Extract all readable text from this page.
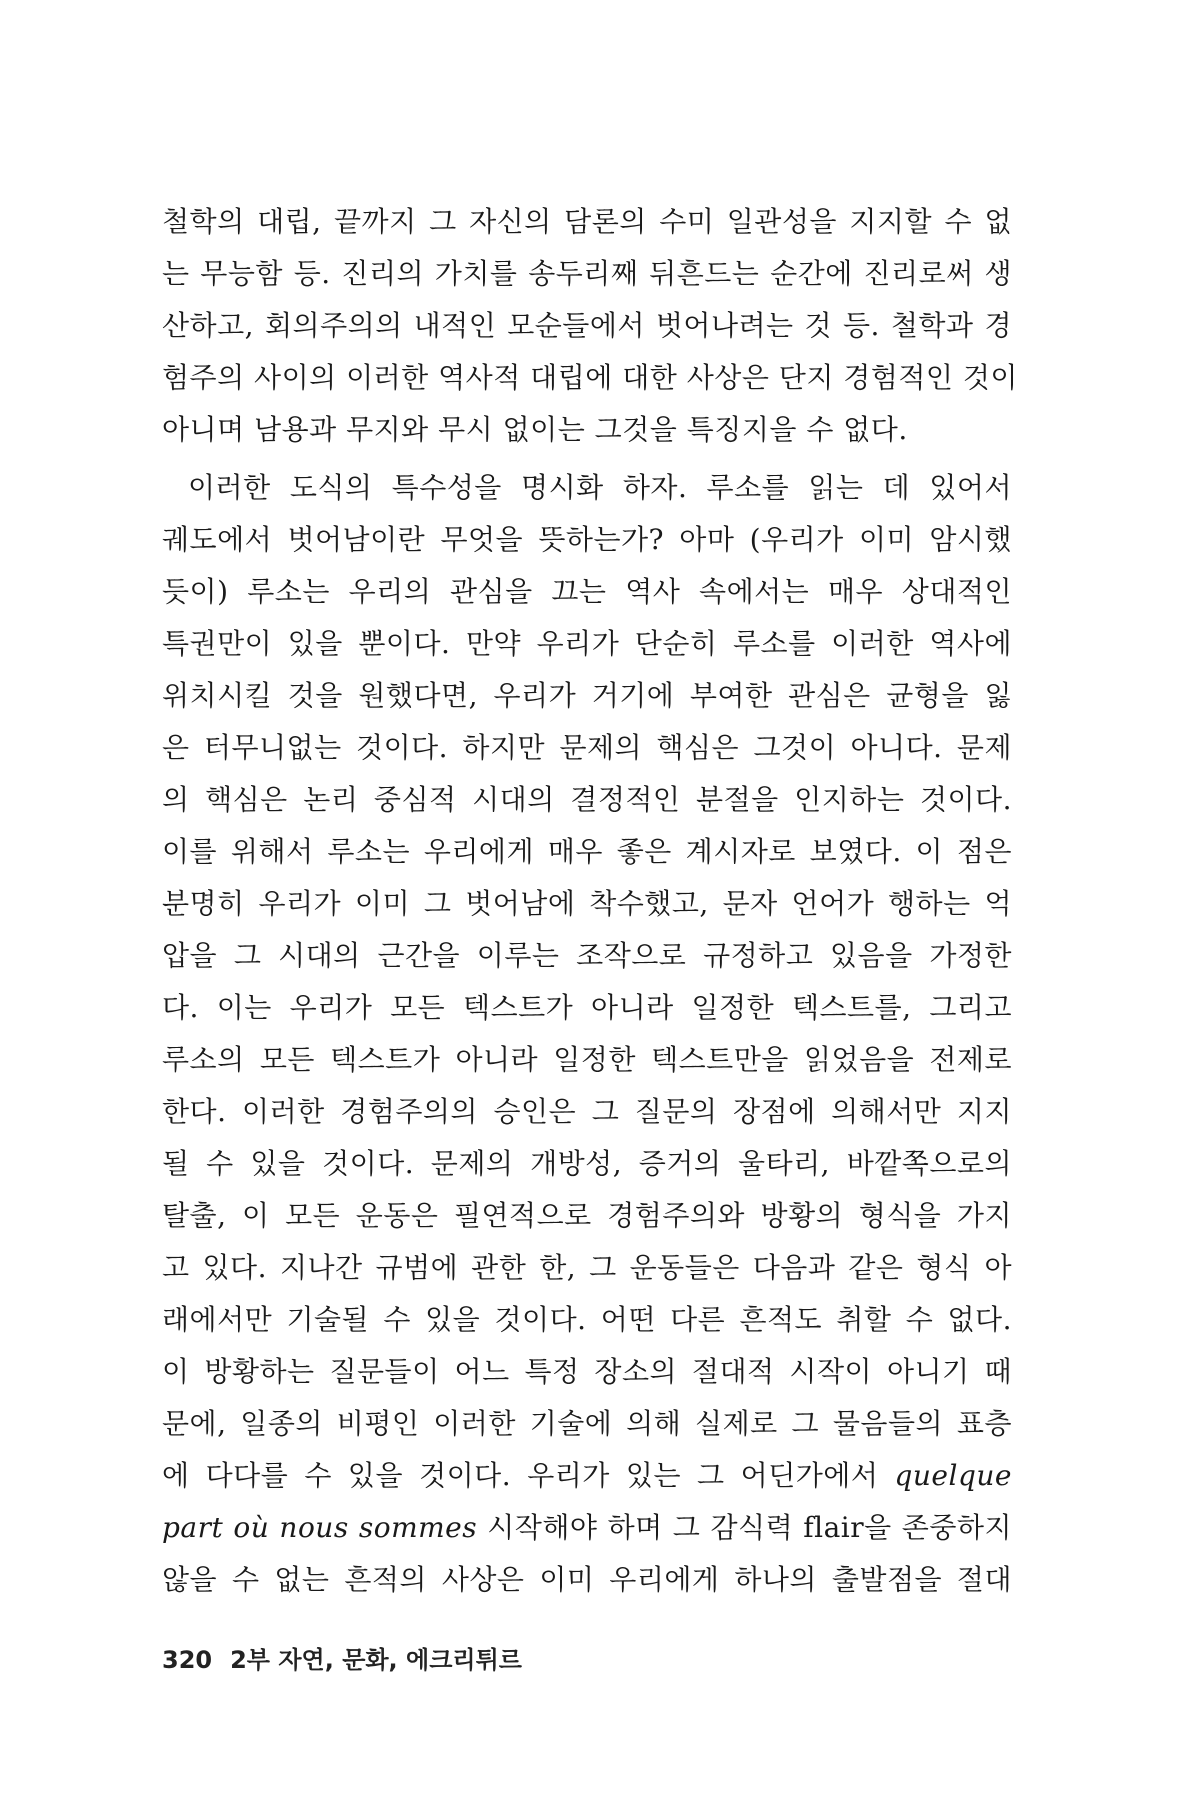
철학의 대립, 끝까지 그 자신의 담론의 수미 일관성을 지지할 수 없
는 무능함 등. 진리의 가치를 송두리째 뒤흔드는 순간에 진리로써 생
산하고, 회의주의의 내적인 모순들에서 벗어나려는 것 등. 철학과 경
험주의 사이의 이러한 역사적 대립에 대한 사상은 단지 경험적인 것이
아니며 남용과 무지와 무시 없이는 그것을 특징지을 수 없다.
이러한 도식의 특수성을 명시화 하자. 루소를 읽는 데 있어서
궤도에서 벗어남이란 무엇을 뜻하는가? 아마 (우리가 이미 암시했
듯이) 루소는 우리의 관심을 끄는 역사 속에서는 매우 상대적인
특권만이 있을 뿐이다. 만약 우리가 단순히 루소를 이러한 역사에
위치시킬 것을 원했다면, 우리가 거기에 부여한 관심은 균형을 잃
은 터무니없는 것이다. 하지만 문제의 핵심은 그것이 아니다. 문제
의 핵심은 논리 중심적 시대의 결정적인 분절을 인지하는 것이다.
이를 위해서 루소는 우리에게 매우 좋은 계시자로 보였다. 이 점은
분명히 우리가 이미 그 벗어남에 착수했고, 문자 언어가 행하는 억
압을 그 시대의 근간을 이루는 조작으로 규정하고 있음을 가정한
다. 이는 우리가 모든 텍스트가 아니라 일정한 텍스트를, 그리고
루소의 모든 텍스트가 아니라 일정한 텍스트만을 읽었음을 전제로
한다. 이러한 경험주의의 승인은 그 질문의 장점에 의해서만 지지
될 수 있을 것이다. 문제의 개방성, 증거의 울타리, 바깥쪽으로의
탈출, 이 모든 운동은 필연적으로 경험주의와 방황의 형식을 가지
고 있다. 지나간 규범에 관한 한, 그 운동들은 다음과 같은 형식 아
래에서만 기술될 수 있을 것이다. 어떤 다른 흔적도 취할 수 없다.
이 방황하는 질문들이 어느 특정 장소의 절대적 시작이 아니기 때
문에, 일종의 비평인 이러한 기술에 의해 실제로 그 물음들의 표층
에 다다를 수 있을 것이다. 우리가 있는 그 어딘가에서 quelque
part où nous sommes 시작해야 하며 그 감식력 flair을 존중하지
않을 수 없는 흔적의 사상은 이미 우리에게 하나의 출발점을 절대
320 2부 자연, 문화, 에크리튀르
